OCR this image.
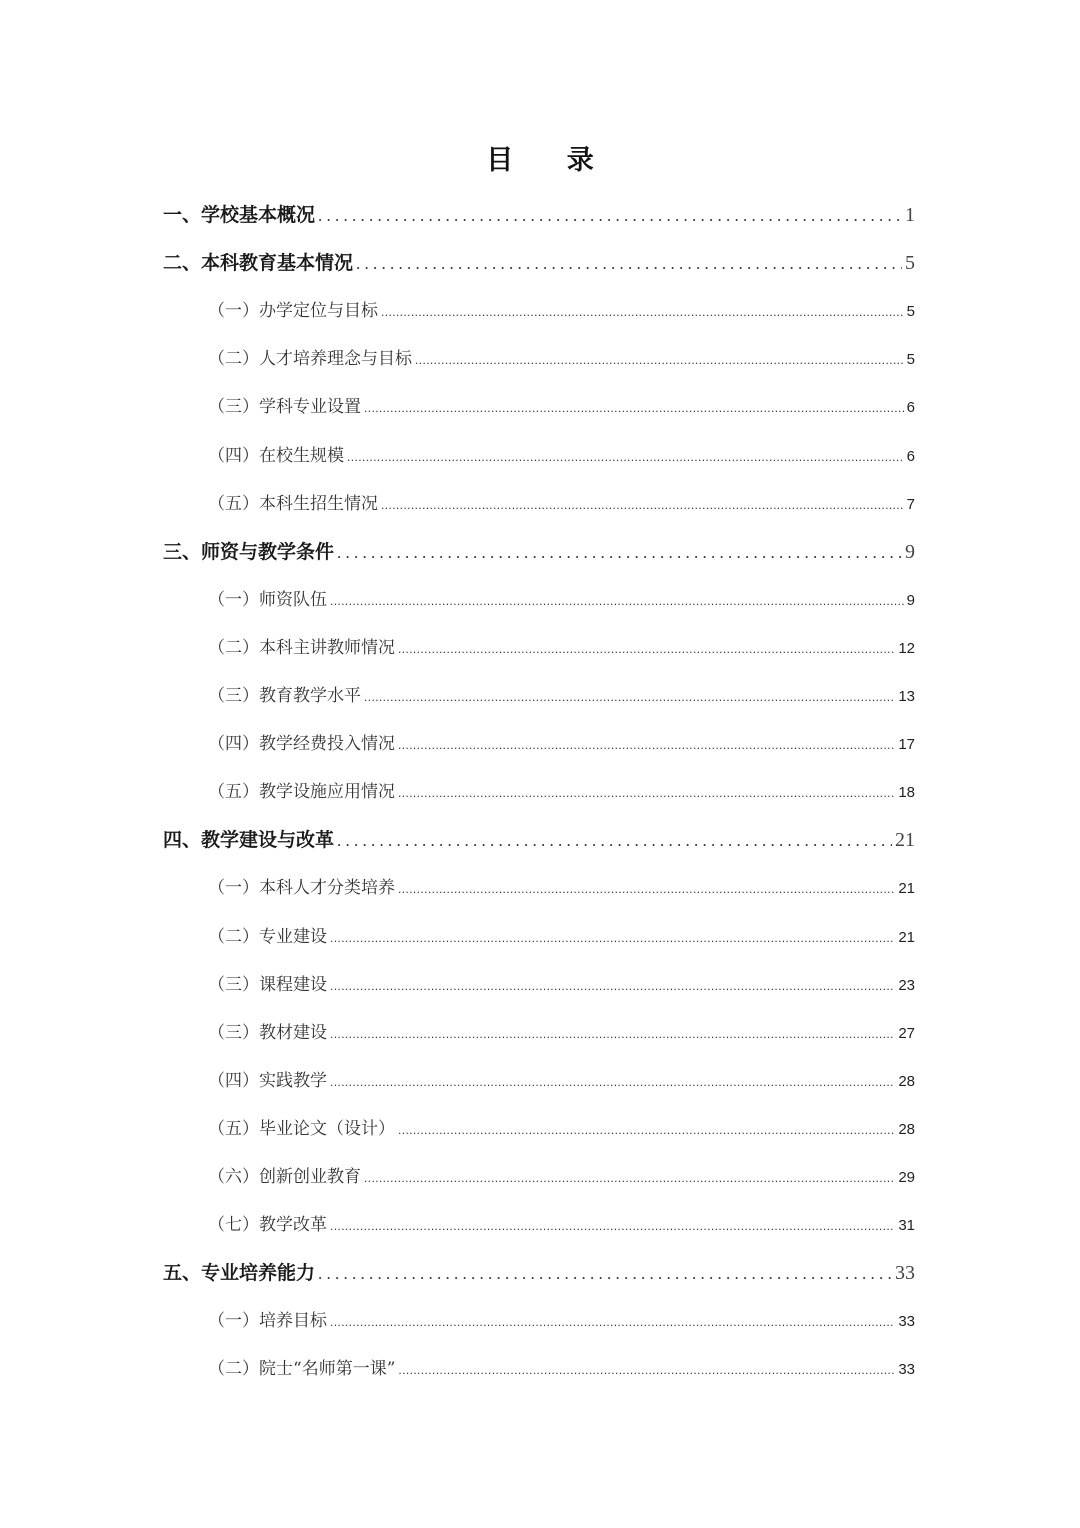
目 录
一、学校基本概况 . . .	1
二、本科教育基本情况 . . .	5
（一）办学定位与目标 .....	5
（二）人才培养理念与目标 .....	5
（三）学科专业设置 .....	6
（四）在校生规模 .....	6
（五）本科生招生情况 .....	7
三、师资与教学条件 . . .	9
（一）师资队伍 .....	9
（二）本科主讲教师情况 .....	12
（三）教育教学水平 .....	13
（四）教学经费投入情况 .....	17
（五）教学设施应用情况 .....	18
四、教学建设与改革 . . .	21
（一）本科人才分类培养 .....	21
（二）专业建设 .....	21
（三）课程建设 .....	23
（三）教材建设 .....	27
（四）实践教学 .....	28
（五）毕业论文（设计） .....	28
（六）创新创业教育 .....	29
（七）教学改革 .....	31
五、专业培养能力 . . .	33
（一）培养目标 .....	33
（二）院士“名师第一课” .....	33
